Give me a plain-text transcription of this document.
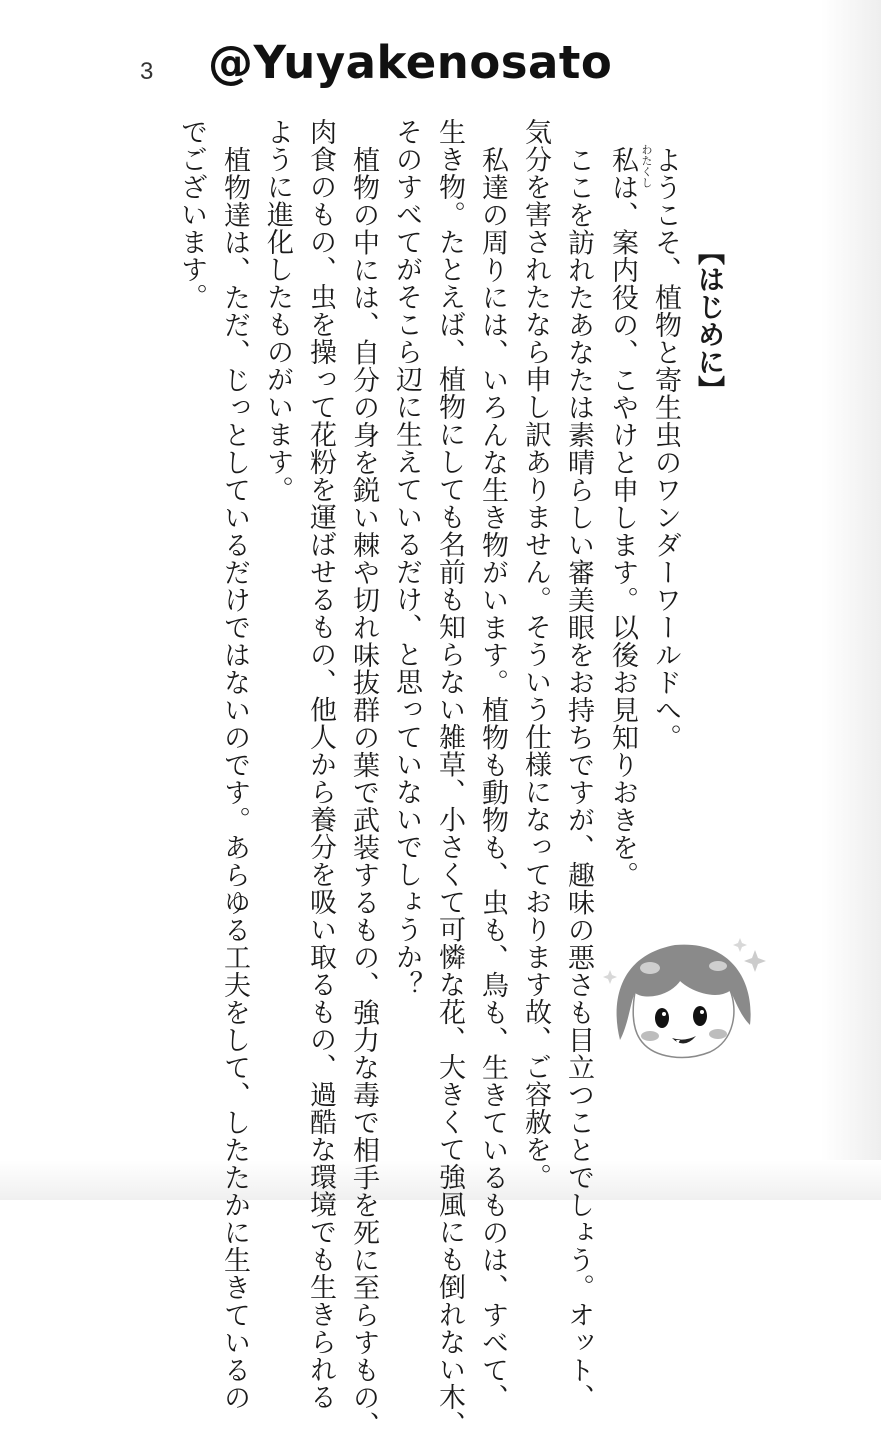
3 @Yuyakenosato
【はじめに】
ようこそ、植物と寄生虫のワンダーワールドへ。
私 わたくし
は、案内役の、こやけと申します。以後お見知りおきを。
ここを訪れたあなたは素晴らしい審美眼をお持ちですが、趣味の悪さも目立つことでしょう。オット、
気分を害されたなら申し訳ありません。そういう仕様になっております故、ご容赦を。
私達の周りには、いろんな生き物がいます。植物も動物も、虫も、鳥も、生きているものは、すべて、
生き物。たとえば、植物にしても名前も知らない雑草、小さくて可憐な花、大きくて強風にも倒れない木、
そのすべてがそこら辺に生えているだけ、と思っていないでしょうか？
植物の中には、自分の身を鋭い棘や切れ味抜群の葉で武装するもの、強力な毒で相手を死に至らすもの、
肉食のもの、虫を操って花粉を運ばせるもの、他人から養分を吸い取るもの、過酷な環境でも生きられる
ように進化したものがいます。
植物達は、ただ、じっとしているだけではないのです。あらゆる工夫をして、したたかに生きているの
でございます。
